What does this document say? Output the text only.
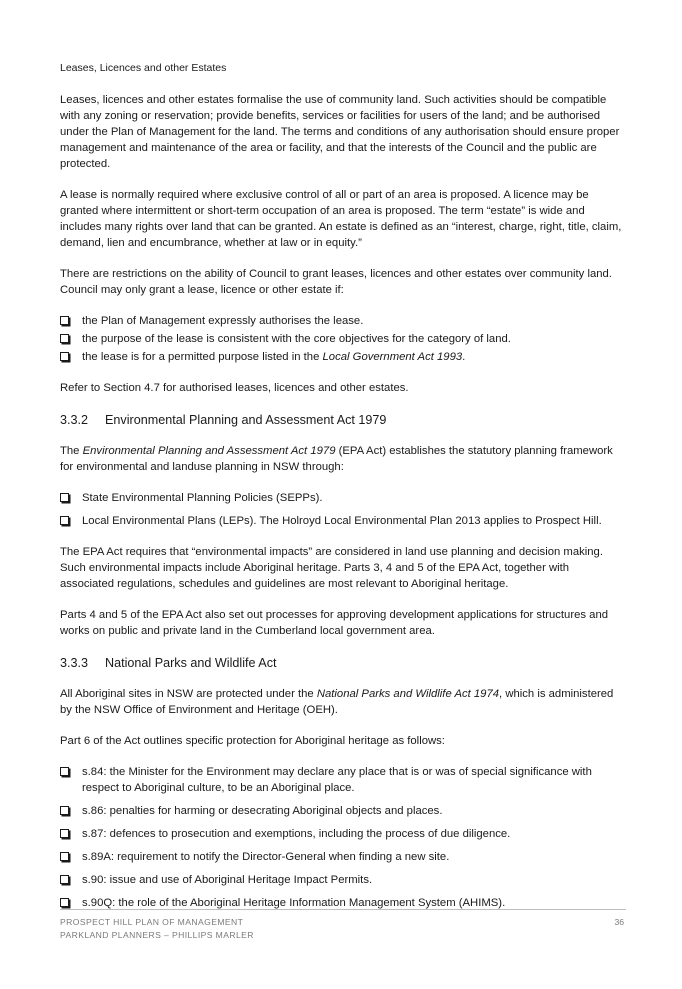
Leases, Licences and other Estates

Leases, licences and other estates formalise the use of community land. Such activities should be compatible with any zoning or reservation; provide benefits, services or facilities for users of the land; and be authorised under the Plan of Management for the land. The terms and conditions of any authorisation should ensure proper management and maintenance of the area or facility, and that the interests of the Council and the public are protected.

A lease is normally required where exclusive control of all or part of an area is proposed. A licence may be granted where intermittent or short-term occupation of an area is proposed. The term “estate” is wide and includes many rights over land that can be granted. An estate is defined as an “interest, charge, right, title, claim, demand, lien and encumbrance, whether at law or in equity.”

There are restrictions on the ability of Council to grant leases, licences and other estates over community land. Council may only grant a lease, licence or other estate if:

the Plan of Management expressly authorises the lease.
the purpose of the lease is consistent with the core objectives for the category of land.
the lease is for a permitted purpose listed in the Local Government Act 1993.

Refer to Section 4.7 for authorised leases, licences and other estates.

3.3.2 Environmental Planning and Assessment Act 1979

The Environmental Planning and Assessment Act 1979 (EPA Act) establishes the statutory planning framework for environmental and landuse planning in NSW through:

State Environmental Planning Policies (SEPPs).
Local Environmental Plans (LEPs). The Holroyd Local Environmental Plan 2013 applies to Prospect Hill.

The EPA Act requires that “environmental impacts” are considered in land use planning and decision making. Such environmental impacts include Aboriginal heritage. Parts 3, 4 and 5 of the EPA Act, together with associated regulations, schedules and guidelines are most relevant to Aboriginal heritage.

Parts 4 and 5 of the EPA Act also set out processes for approving development applications for structures and works on public and private land in the Cumberland local government area.

3.3.3 National Parks and Wildlife Act

All Aboriginal sites in NSW are protected under the National Parks and Wildlife Act 1974, which is administered by the NSW Office of Environment and Heritage (OEH).

Part 6 of the Act outlines specific protection for Aboriginal heritage as follows:

s.84: the Minister for the Environment may declare any place that is or was of special significance with respect to Aboriginal culture, to be an Aboriginal place.
s.86: penalties for harming or desecrating Aboriginal objects and places.
s.87: defences to prosecution and exemptions, including the process of due diligence.
s.89A: requirement to notify the Director-General when finding a new site.
s.90: issue and use of Aboriginal Heritage Impact Permits.
s.90Q: the role of the Aboriginal Heritage Information Management System (AHIMS).
PROSPECT HILL PLAN OF MANAGEMENT
PARKLAND PLANNERS – PHILLIPS MARLER
36
